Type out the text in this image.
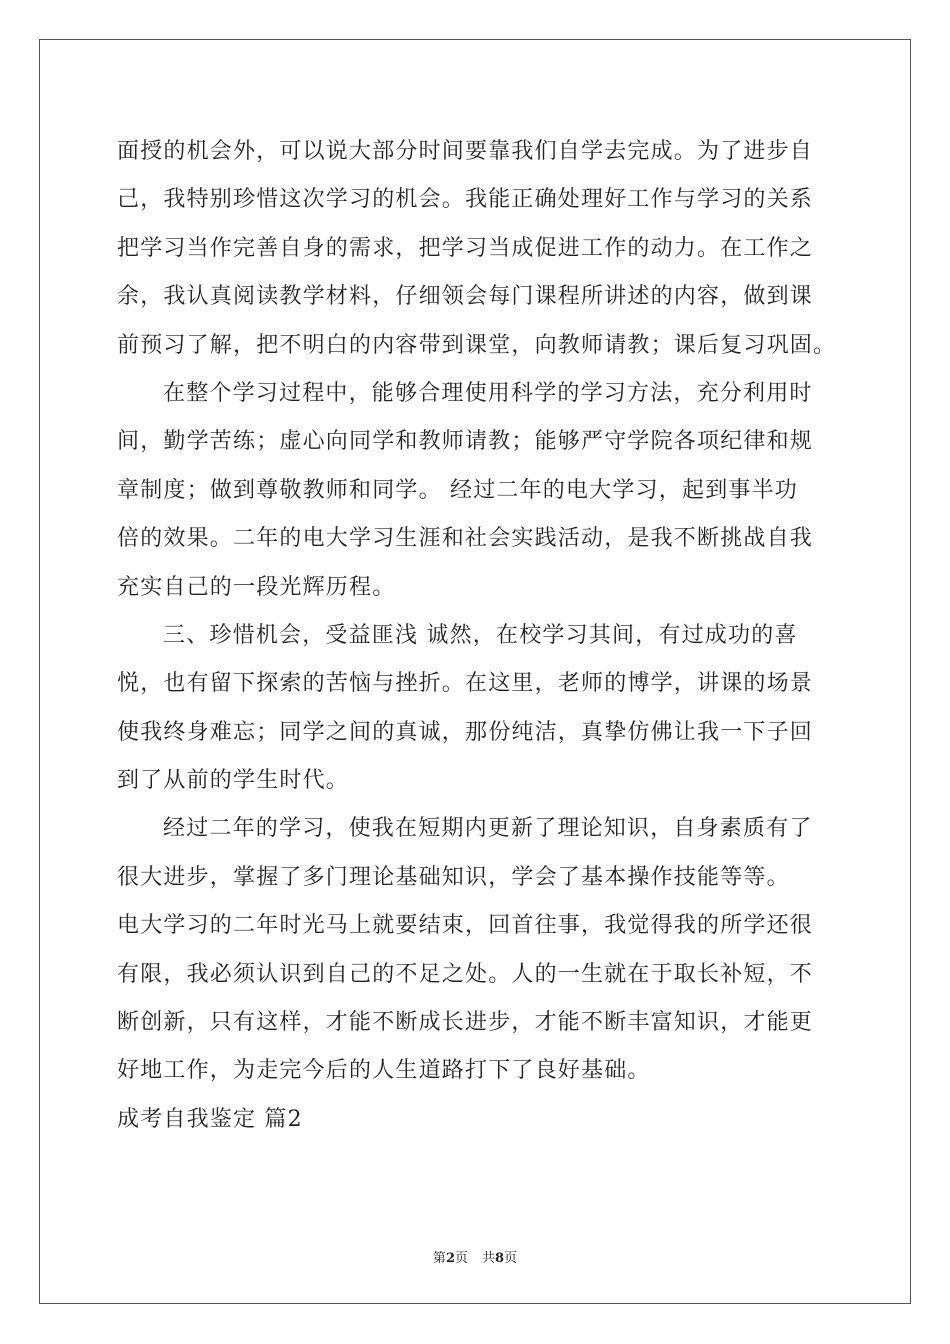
面授的机会外，可以说大部分时间要靠我们自学去完成。为了进步自
己，我特别珍惜这次学习的机会。我能正确处理好工作与学习的关系
把学习当作完善自身的需求，把学习当成促进工作的动力。在工作之
余，我认真阅读教学材料，仔细领会每门课程所讲述的内容，做到课
前预习了解，把不明白的内容带到课堂，向教师请教；课后复习巩固。
在整个学习过程中，能够合理使用科学的学习方法，充分利用时
间，勤学苦练；虚心向同学和教师请教；能够严守学院各项纪律和规
章制度；做到尊敬教师和同学。 经过二年的电大学习，起到事半功
倍的效果。二年的电大学习生涯和社会实践活动，是我不断挑战自我
充实自己的一段光辉历程。
三、珍惜机会，受益匪浅 诚然，在校学习其间，有过成功的喜
悦，也有留下探索的苦恼与挫折。在这里，老师的博学，讲课的场景
使我终身难忘；同学之间的真诚，那份纯洁，真挚仿佛让我一下子回
到了从前的学生时代。
经过二年的学习，使我在短期内更新了理论知识，自身素质有了
很大进步，掌握了多门理论基础知识，学会了基本操作技能等等。
电大学习的二年时光马上就要结束，回首往事，我觉得我的所学还很
有限，我必须认识到自己的不足之处。人的一生就在于取长补短，不
断创新，只有这样，才能不断成长进步，才能不断丰富知识，才能更
好地工作，为走完今后的人生道路打下了良好基础。
成考自我鉴定 篇2
第2页 共8页
